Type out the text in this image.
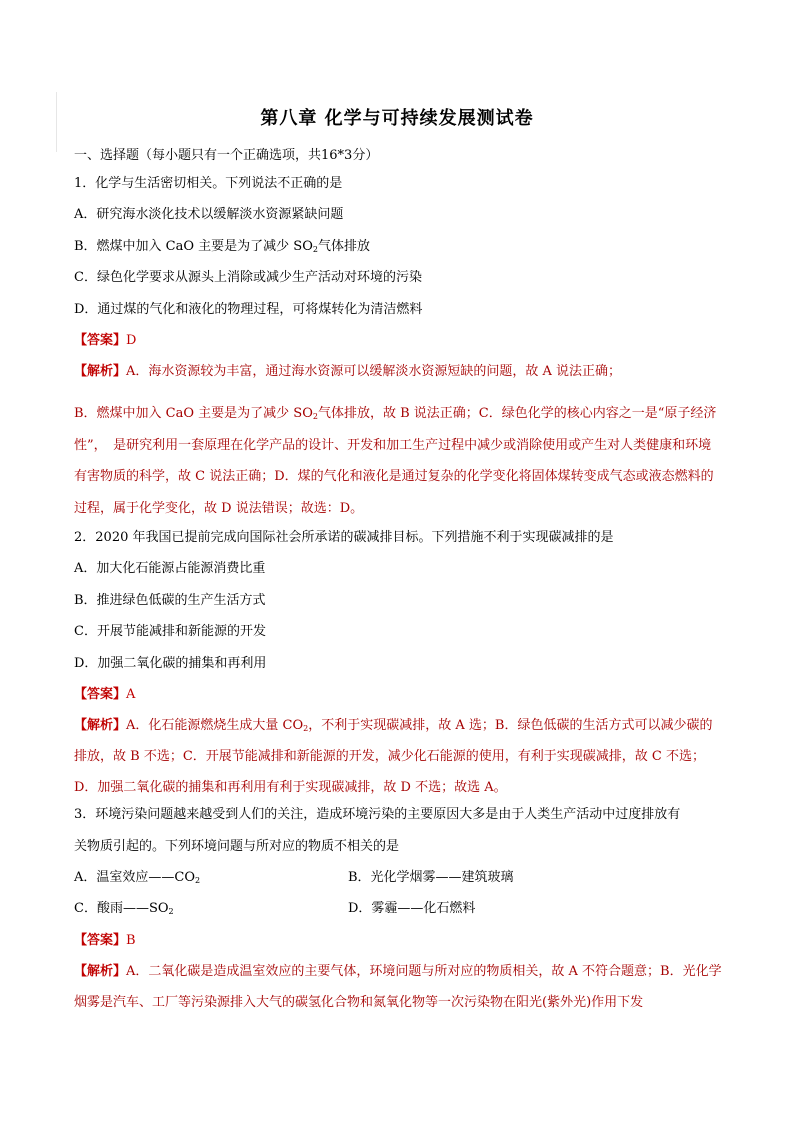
第八章 化学与可持续发展测试卷

一、选择题（每小题只有一个正确选项，共16*3分）

1．化学与生活密切相关。下列说法不正确的是

A．研究海水淡化技术以缓解淡水资源紧缺问题

B．燃煤中加入 CaO 主要是为了减少 $SO_2$气体排放

C．绿色化学要求从源头上消除或减少生产活动对环境的污染

D．通过煤的气化和液化的物理过程，可将煤转化为清洁燃料

【答案】D

【解析】A．海水资源较为丰富，通过海水资源可以缓解淡水资源短缺的问题，故 A 说法正确；

B．燃煤中加入 CaO 主要是为了减少 $SO_2$气体排放，故 B 说法正确；C．绿色化学的核心内容之一是“原子经济性”，　是研究利用一套原理在化学产品的设计、开发和加工生产过程中减少或消除使用或产生对人类健康和环境有害物质的科学，故 C 说法正确；D．煤的气化和液化是通过复杂的化学变化将固体煤转变成气态或液态燃料的过程，属于化学变化，故 D 说法错误；故选：D。

2．2020 年我国已提前完成向国际社会所承诺的碳减排目标。下列措施不利于实现碳减排的是

A．加大化石能源占能源消费比重

B．推进绿色低碳的生产生活方式

C．开展节能减排和新能源的开发

D．加强二氧化碳的捕集和再利用

【答案】A

【解析】A．化石能源燃烧生成大量 $CO_2$，不利于实现碳减排，故 A 选；B．绿色低碳的生活方式可以减少碳的排放，故 B 不选；C．开展节能减排和新能源的开发，减少化石能源的使用，有利于实现碳减排，故 C 不选；D．加强二氧化碳的捕集和再利用有利于实现碳减排，故 D 不选；故选 A。

3．环境污染问题越来越受到人们的关注，造成环境污染的主要原因大多是由于人类生产活动中过度排放有

关物质引起的。下列环境问题与所对应的物质不相关的是

A．温室效应$——CO_2$	B．光化学烟雾——建筑玻璃
C．酸雨$——SO_2$	D．雾霾——化石燃料

【答案】B

【解析】A．二氧化碳是造成温室效应的主要气体，环境问题与所对应的物质相关，故 A 不符合题意；B．光化学烟雾是汽车、工厂等污染源排入大气的碳氢化合物和氮氧化物等一次污染物在阳光(紫外光)作用下发
